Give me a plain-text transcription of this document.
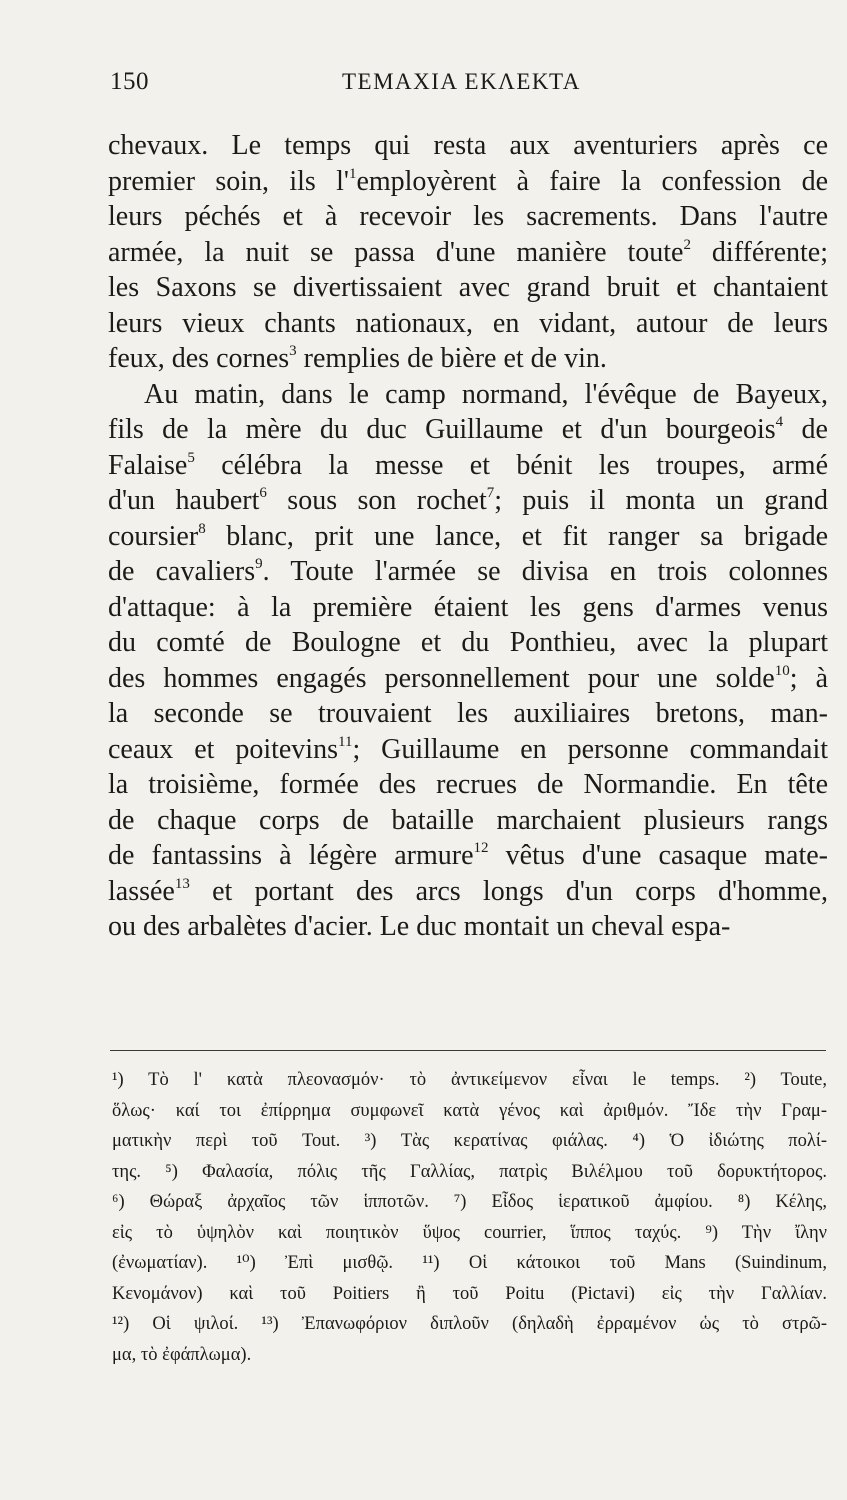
150	ΤΕΜΑΧΙΑ ΕΚΛΕΚΤΑ
chevaux. Le temps qui resta aux aventuriers après ce
premier soin, ils $l'^1employèrent$ à faire la confession de
leurs péchés et à recevoir les sacrements. Dans l'autre
armée, la nuit se passa d'une manière toute$^2$ différente;
les Saxons se divertissaient avec grand bruit et chantaient
leurs vieux chants nationaux, en vidant, autour de leurs
feux, des cornes$^3$ remplies de bière et de vin.
Au matin, dans le camp normand, l'évêque de Bayeux,
fils de la mère du duc Guillaume et d'un bourgeois$^4$ de
Falaise$^5$ célébra la messe et bénit les troupes, armé
d'un haubert$^6$ sous son rochet$^7$; puis il monta un grand
coursier$^8$ blanc, prit une lance, et fit ranger sa brigade
de cavaliers$^9$. Toute l'armée se divisa en trois colonnes
d'attaque: à la première étaient les gens d'armes venus
du comté de Boulogne et du Ponthieu, avec la plupart
des hommes engagés personnellement pour une solde$^{10}$; à
la seconde se trouvaient les auxiliaires bretons, man-
ceaux et poitevins$^{11}$; Guillaume en personne commandait
la troisième, formée des recrues de Normandie. En tête
de chaque corps de bataille marchaient plusieurs rangs
de fantassins à légère armure$^{12}$ vêtus d'une casaque mate-
lassée$^{13}$ et portant des arcs longs d'un corps d'homme,
ou des arbalètes d'acier. Le duc montait un cheval espa-
¹) Τὸ l' κατὰ πλεονασμόν· τὸ ἀντικείμενον εἶναι le temps. ²) Toute,
ὅλως· καί τοι ἐπίρρημα συμφωνεῖ κατὰ γένος καὶ ἀριθμόν. Ἴδε τὴν Γραμ-
ματικὴν περὶ τοῦ Tout. ³) Τὰς κερατίνας φιάλας. ⁴) Ὁ ἰδιώτης πολί-
της. ⁵) Φαλασία, πόλις τῆς Γαλλίας, πατρὶς Βιλέλμου τοῦ δορυκτήτορος.
⁶) Θώραξ ἀρχαῖος τῶν ἱπποτῶν. ⁷) Εἶδος ἱερατικοῦ ἀμφίου. ⁸) Κέλης,
εἰς τὸ ὑψηλὸν καὶ ποιητικὸν ὕψος courrier, ἵππος ταχύς. ⁹) Τὴν ἴλην
(ἐνωματίαν). ¹⁰) Ἐπὶ μισθῷ. ¹¹) Οἱ κάτοικοι τοῦ Mans (Suindinum,
Κενομάνον) καὶ τοῦ Poitiers ἢ τοῦ Poitu (Pictavi) εἰς τὴν Γαλλίαν.
¹²) Οἱ ψιλοί. ¹³) Ἐπανωφόριον διπλοῦν (δηλαδὴ ἐρραμένον ὡς τὸ στρῶ-
μα, τὸ ἐφάπλωμα).
